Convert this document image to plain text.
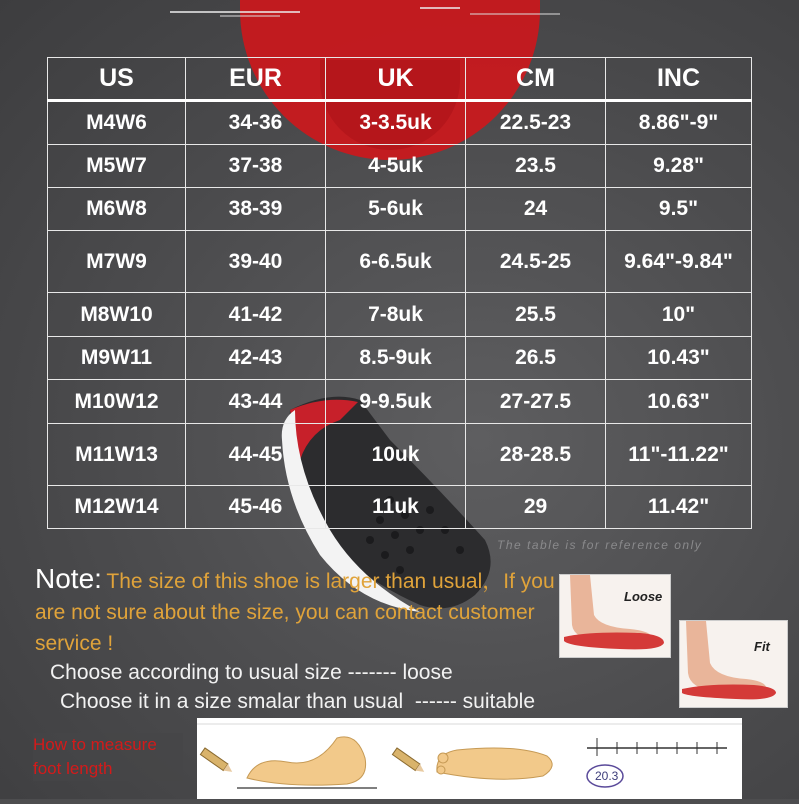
US	EUR	UK	CM	INC
M4W6	34-36	3-3.5uk	22.5-23	8.86"-9"
M5W7	37-38	4-5uk	23.5	9.28"
M6W8	38-39	5-6uk	24	9.5"
M7W9	39-40	6-6.5uk	24.5-25	9.64"-9.84"
M8W10	41-42	7-8uk	25.5	10"
M9W11	42-43	8.5-9uk	26.5	10.43"
M10W12	43-44	9-9.5uk	27-27.5	10.63"
M11W13	44-45	10uk	28-28.5	11"-11.22"
M12W14	45-46	11uk	29	11.42"
The table is for reference only
Note: The size of this shoe is larger than usual，If you are not sure about the size, you can contact customer service !
Choose according to usual size ------- loose
Choose it in a size smalar than usual  ------ suitable
Loose
Fit
20.3
How to measure foot length
